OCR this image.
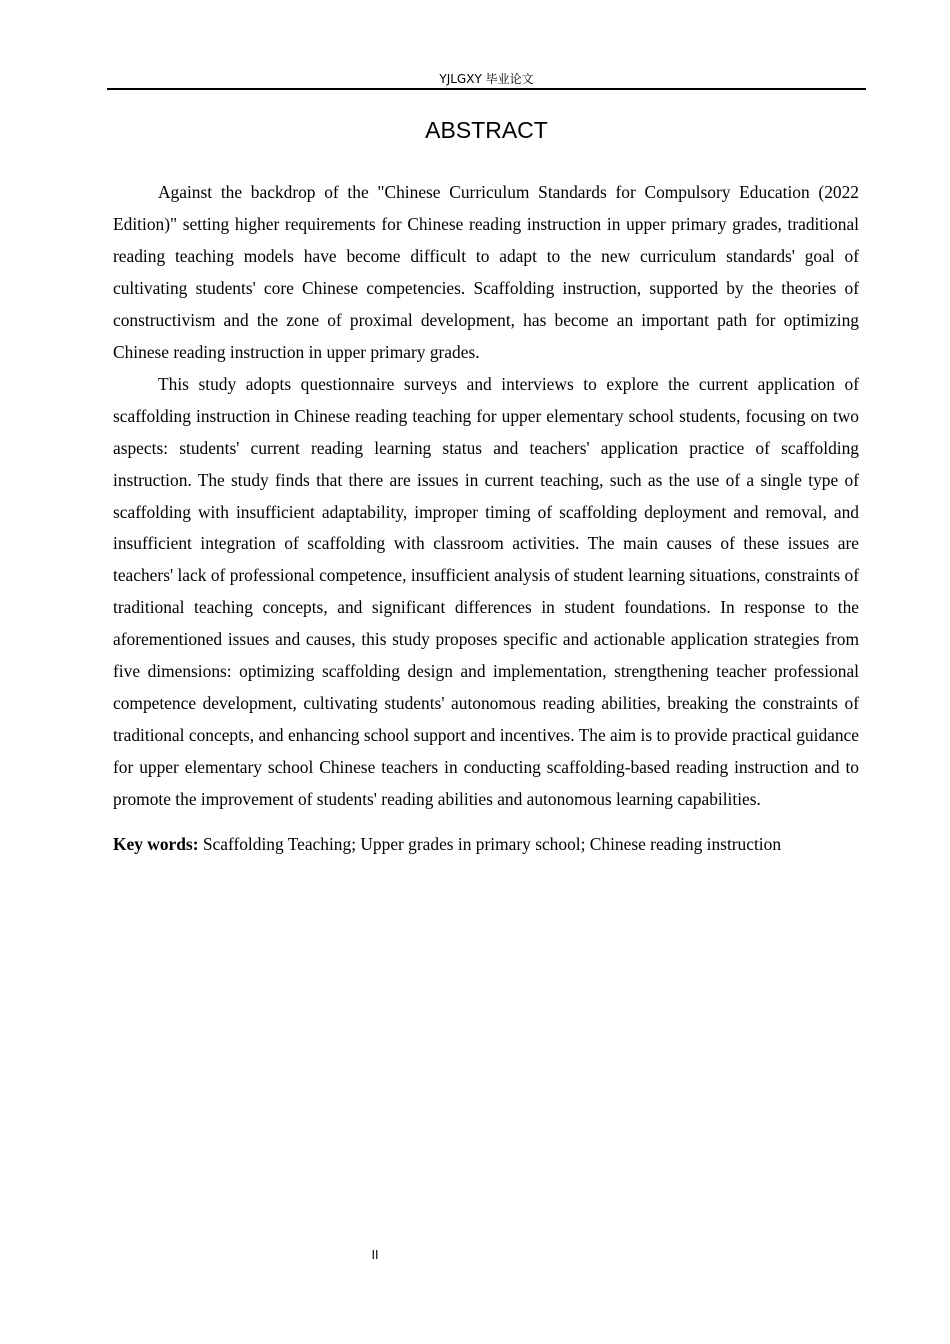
YJLGXY 毕业论文
ABSTRACT

Against the backdrop of the "Chinese Curriculum Standards for Compulsory Education (2022 Edition)" setting higher requirements for Chinese reading instruction in upper primary grades, traditional reading teaching models have become difficult to adapt to the new curriculum standards' goal of cultivating students' core Chinese competencies. Scaffolding instruction, supported by the theories of constructivism and the zone of proximal development, has become an important path for optimizing Chinese reading instruction in upper primary grades.

This study adopts questionnaire surveys and interviews to explore the current application of scaffolding instruction in Chinese reading teaching for upper elementary school students, focusing on two aspects: students' current reading learning status and teachers' application practice of scaffolding instruction. The study finds that there are issues in current teaching, such as the use of a single type of scaffolding with insufficient adaptability, improper timing of scaffolding deployment and removal, and insufficient integration of scaffolding with classroom activities. The main causes of these issues are teachers' lack of professional competence, insufficient analysis of student learning situations, constraints of traditional teaching concepts, and significant differences in student foundations. In response to the aforementioned issues and causes, this study proposes specific and actionable application strategies from five dimensions: optimizing scaffolding design and implementation, strengthening teacher professional competence development, cultivating students' autonomous reading abilities, breaking the constraints of traditional concepts, and enhancing school support and incentives. The aim is to provide practical guidance for upper elementary school Chinese teachers in conducting scaffolding-based reading instruction and to promote the improvement of students' reading abilities and autonomous learning capabilities.

Key words: Scaffolding Teaching; Upper grades in primary school; Chinese reading instruction
II
